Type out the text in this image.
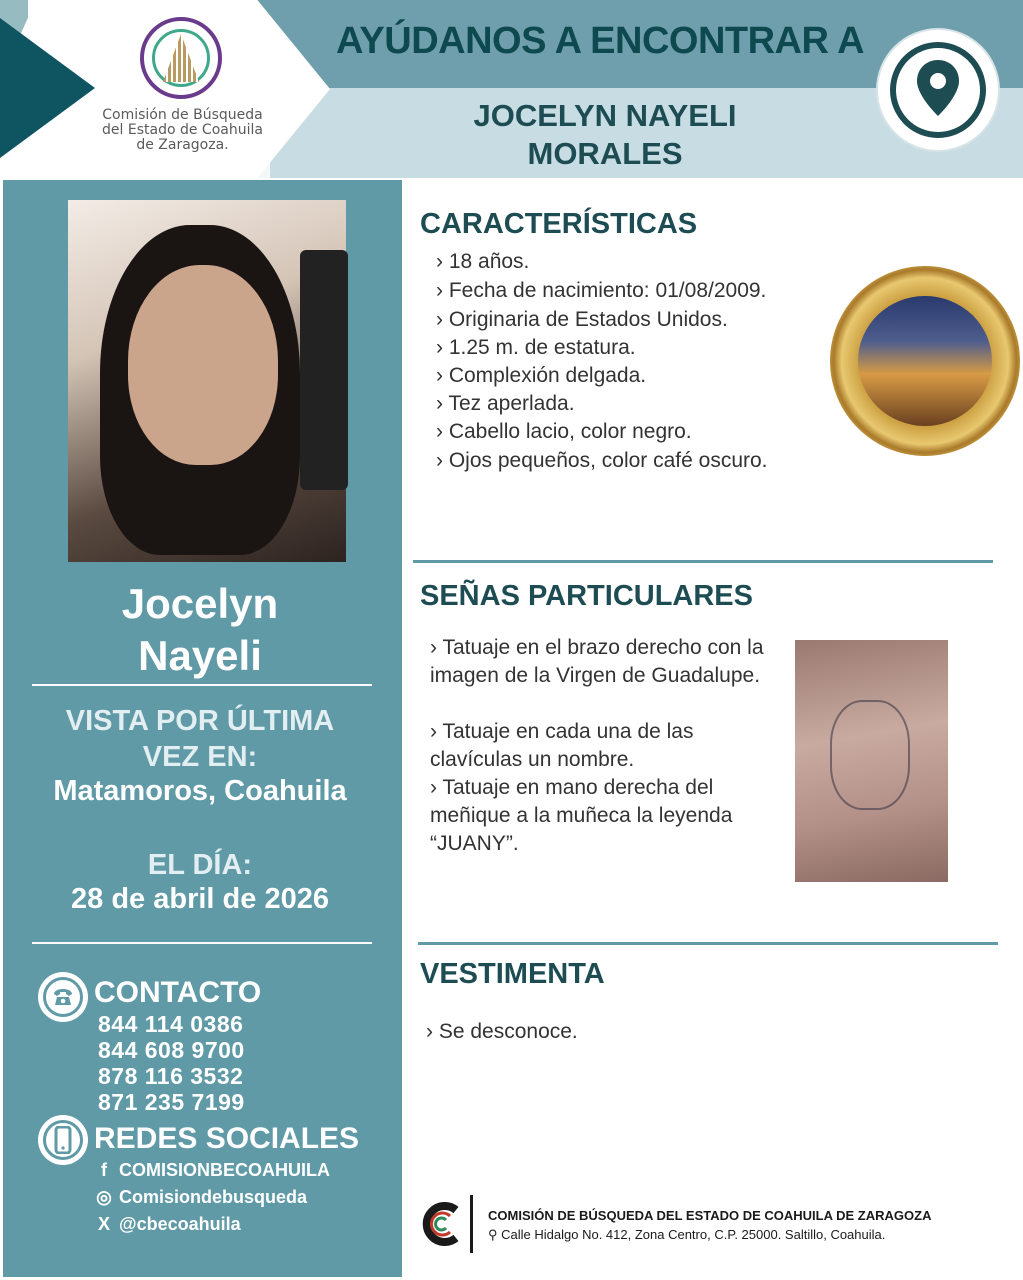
Comisión de Búsqueda
del Estado de Coahuila
de Zaragoza.
AYÚDANOS A ENCONTRAR A
JOCELYN NAYELI
MORALES
Jocelyn
Nayeli
VISTA POR ÚLTIMA
VEZ EN:
Matamoros, Coahuila
EL DÍA:
28 de abril de 2026
CONTACTO
844 114 0386
844 608 9700
878 116 3532
871 235 7199
REDES SOCIALES
f COMISIONBECOAHUILA
◎ Comisiondebusqueda
X @cbecoahuila
CARACTERÍSTICAS
› 18 años.
› Fecha de nacimiento: 01/08/2009.
› Originaria de Estados Unidos.
› 1.25 m. de estatura.
› Complexión delgada.
› Tez aperlada.
› Cabello lacio, color negro.
› Ojos pequeños, color café oscuro.
SEÑAS PARTICULARES
› Tatuaje en el brazo derecho con la imagen de la Virgen de Guadalupe.
› Tatuaje en cada una de las clavículas un nombre.
› Tatuaje en mano derecha del meñique a la muñeca la leyenda “JUANY”.
VESTIMENTA
› Se desconoce.
COMISIÓN DE BÚSQUEDA DEL ESTADO DE COAHUILA DE ZARAGOZA
⚲ Calle Hidalgo No. 412, Zona Centro, C.P. 25000. Saltillo, Coahuila.
